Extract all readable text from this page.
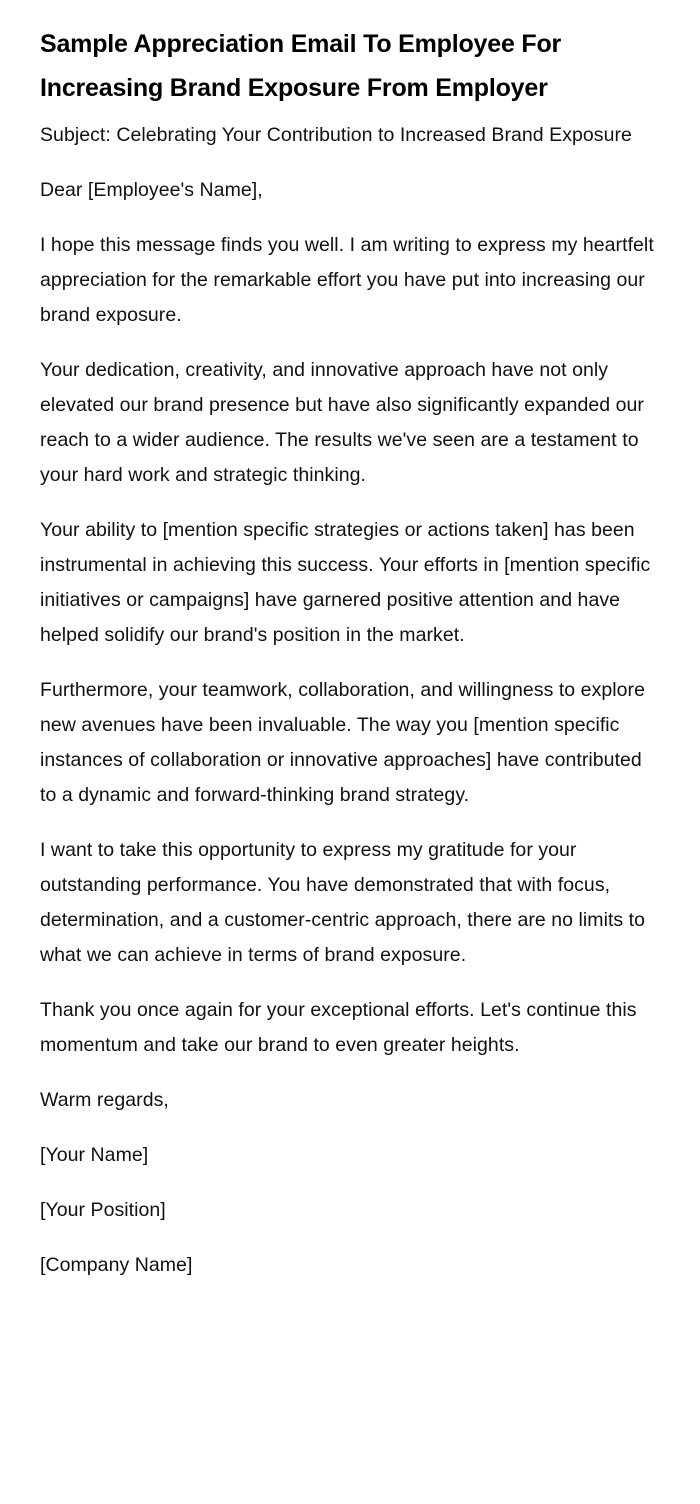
Sample Appreciation Email To Employee For Increasing Brand Exposure From Employer

Subject: Celebrating Your Contribution to Increased Brand Exposure

Dear [Employee's Name],

I hope this message finds you well. I am writing to express my heartfelt appreciation for the remarkable effort you have put into increasing our brand exposure.

Your dedication, creativity, and innovative approach have not only elevated our brand presence but have also significantly expanded our reach to a wider audience. The results we've seen are a testament to your hard work and strategic thinking.

Your ability to [mention specific strategies or actions taken] has been instrumental in achieving this success. Your efforts in [mention specific initiatives or campaigns] have garnered positive attention and have helped solidify our brand's position in the market.

Furthermore, your teamwork, collaboration, and willingness to explore new avenues have been invaluable. The way you [mention specific instances of collaboration or innovative approaches] have contributed to a dynamic and forward-thinking brand strategy.

I want to take this opportunity to express my gratitude for your outstanding performance. You have demonstrated that with focus, determination, and a customer-centric approach, there are no limits to what we can achieve in terms of brand exposure.

Thank you once again for your exceptional efforts. Let's continue this momentum and take our brand to even greater heights.

Warm regards,

[Your Name]

[Your Position]

[Company Name]
